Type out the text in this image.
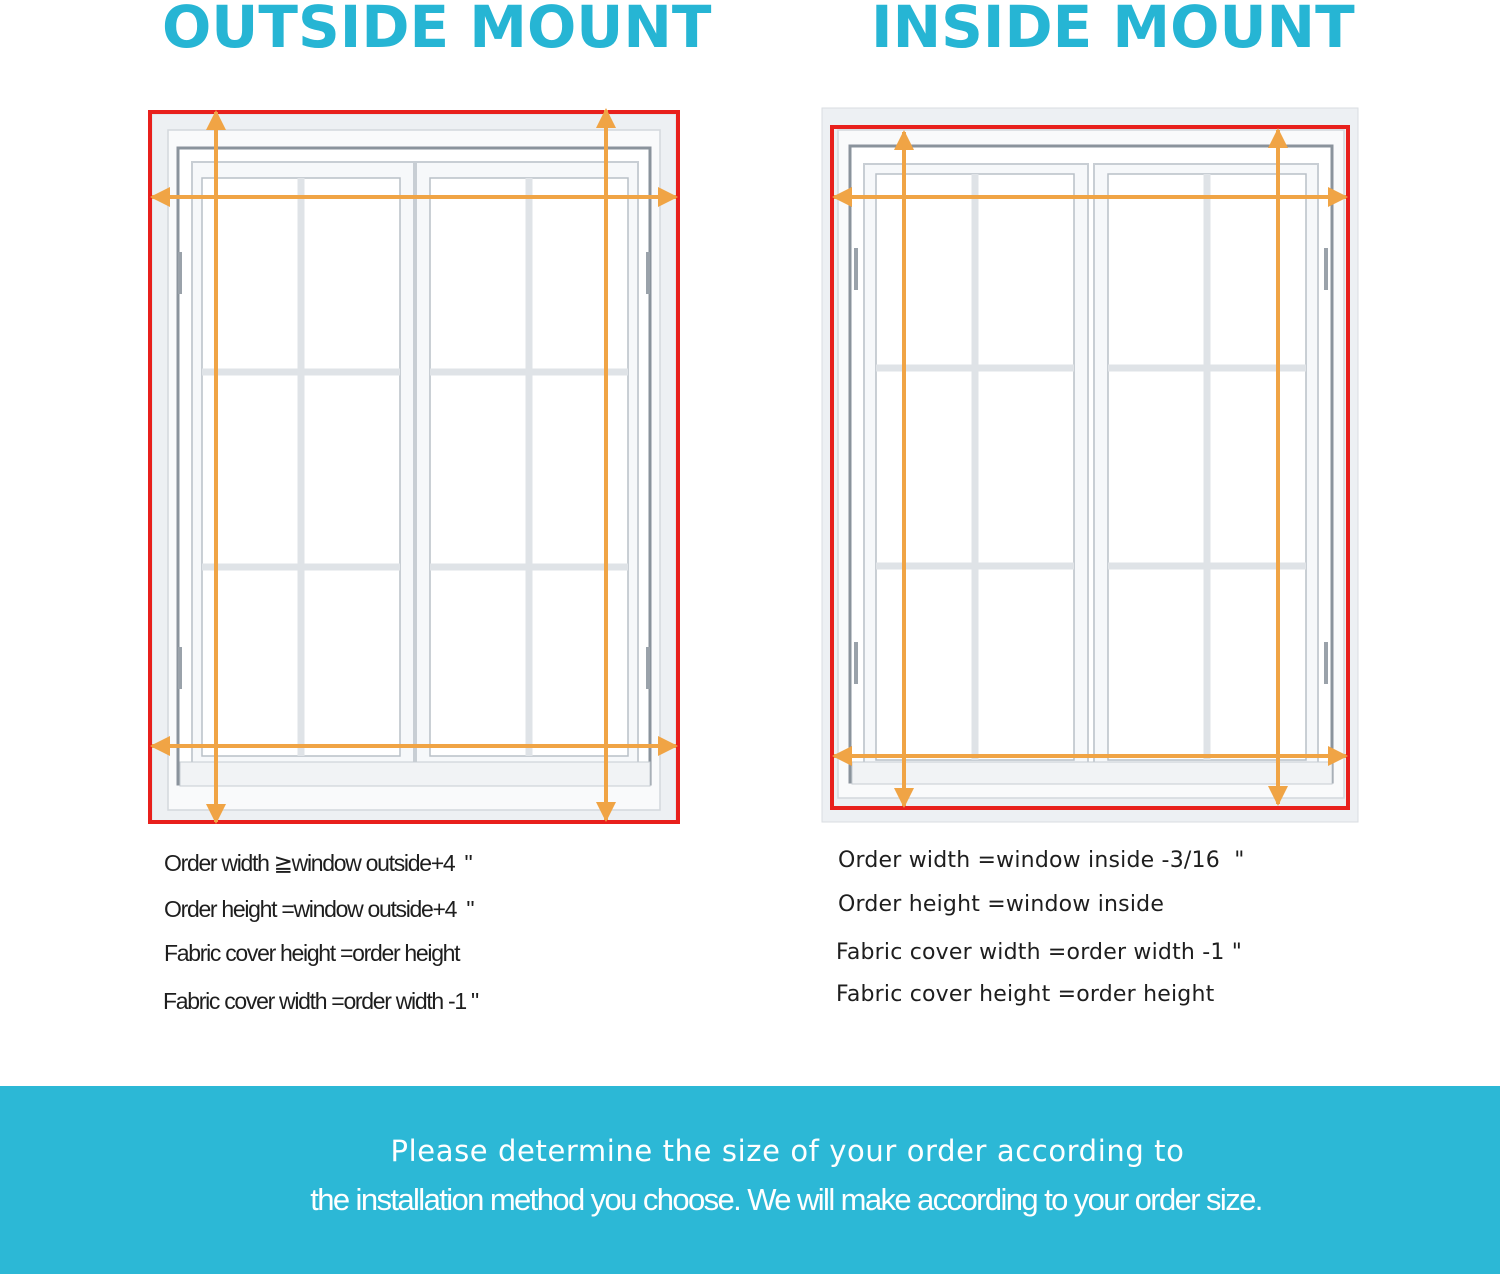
OUTSIDE MOUNT	INSIDE MOUNT
Order width ≧window outside+4  "
Order height =window outside+4  "
Fabric cover height =order height
Fabric cover width =order width -1 "
Order width =window inside -3/16  "
Order height =window inside
Fabric cover width =order width -1 "
Fabric cover height =order height
Please determine the size of your order according to
the installation method you choose. We will make according to your order size.
